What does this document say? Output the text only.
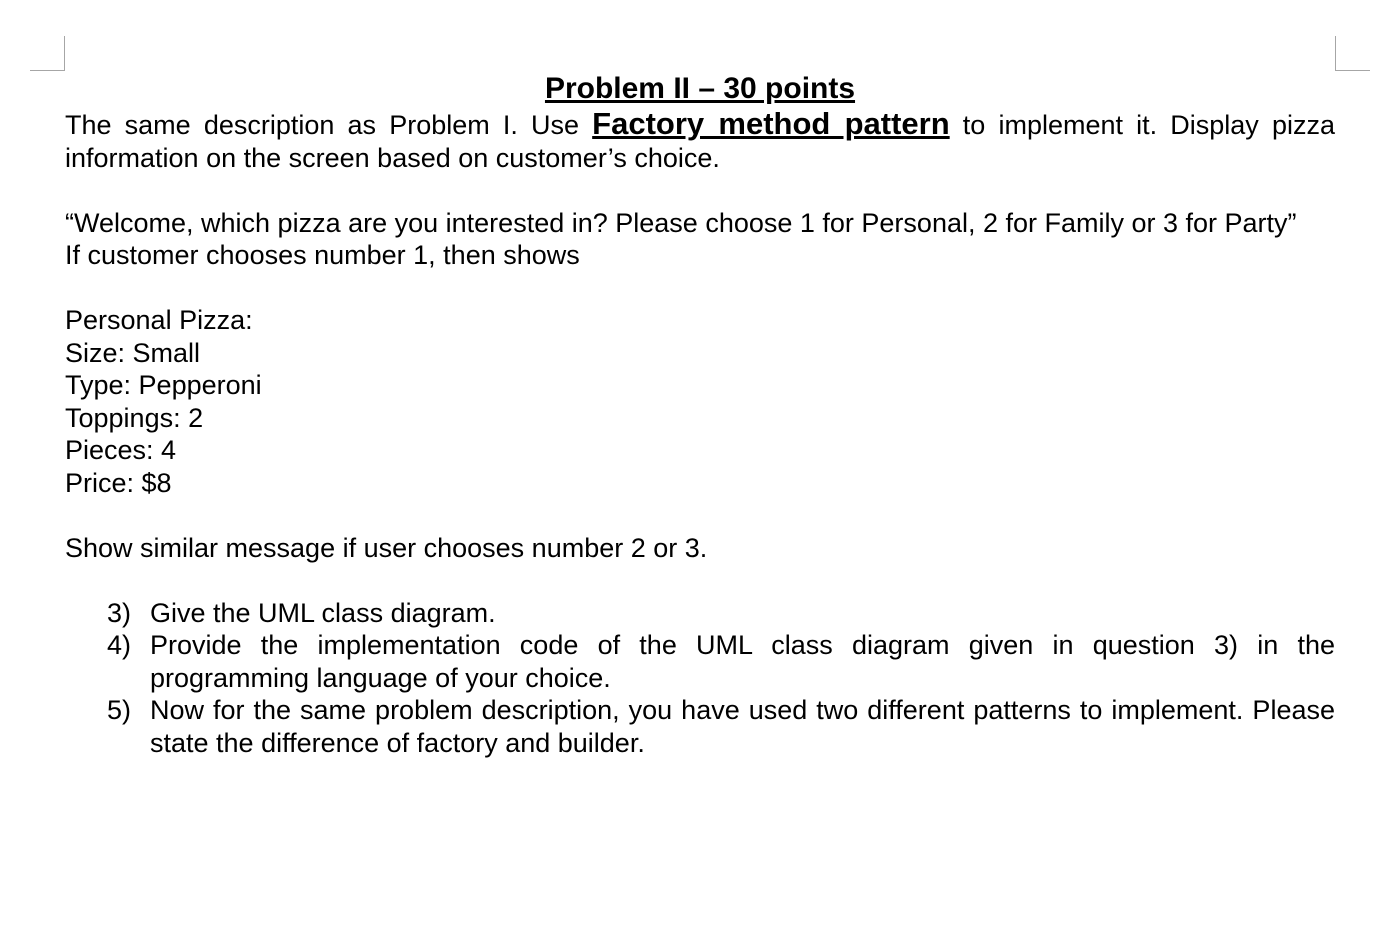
Problem II – 30 points

The same description as Problem I. Use Factory method pattern to implement it. Display pizza information on the screen based on customer’s choice.

“Welcome, which pizza are you interested in? Please choose 1 for Personal, 2 for Family or 3 for Party”

If customer chooses number 1, then shows

Personal Pizza:

Size: Small

Type: Pepperoni

Toppings: 2

Pieces: 4

Price: $8

Show similar message if user chooses number 2 or 3.

3) Give the UML class diagram.
4) Provide the implementation code of the UML class diagram given in question 3) in the programming language of your choice.
5) Now for the same problem description, you have used two different patterns to implement. Please state the difference of factory and builder.
